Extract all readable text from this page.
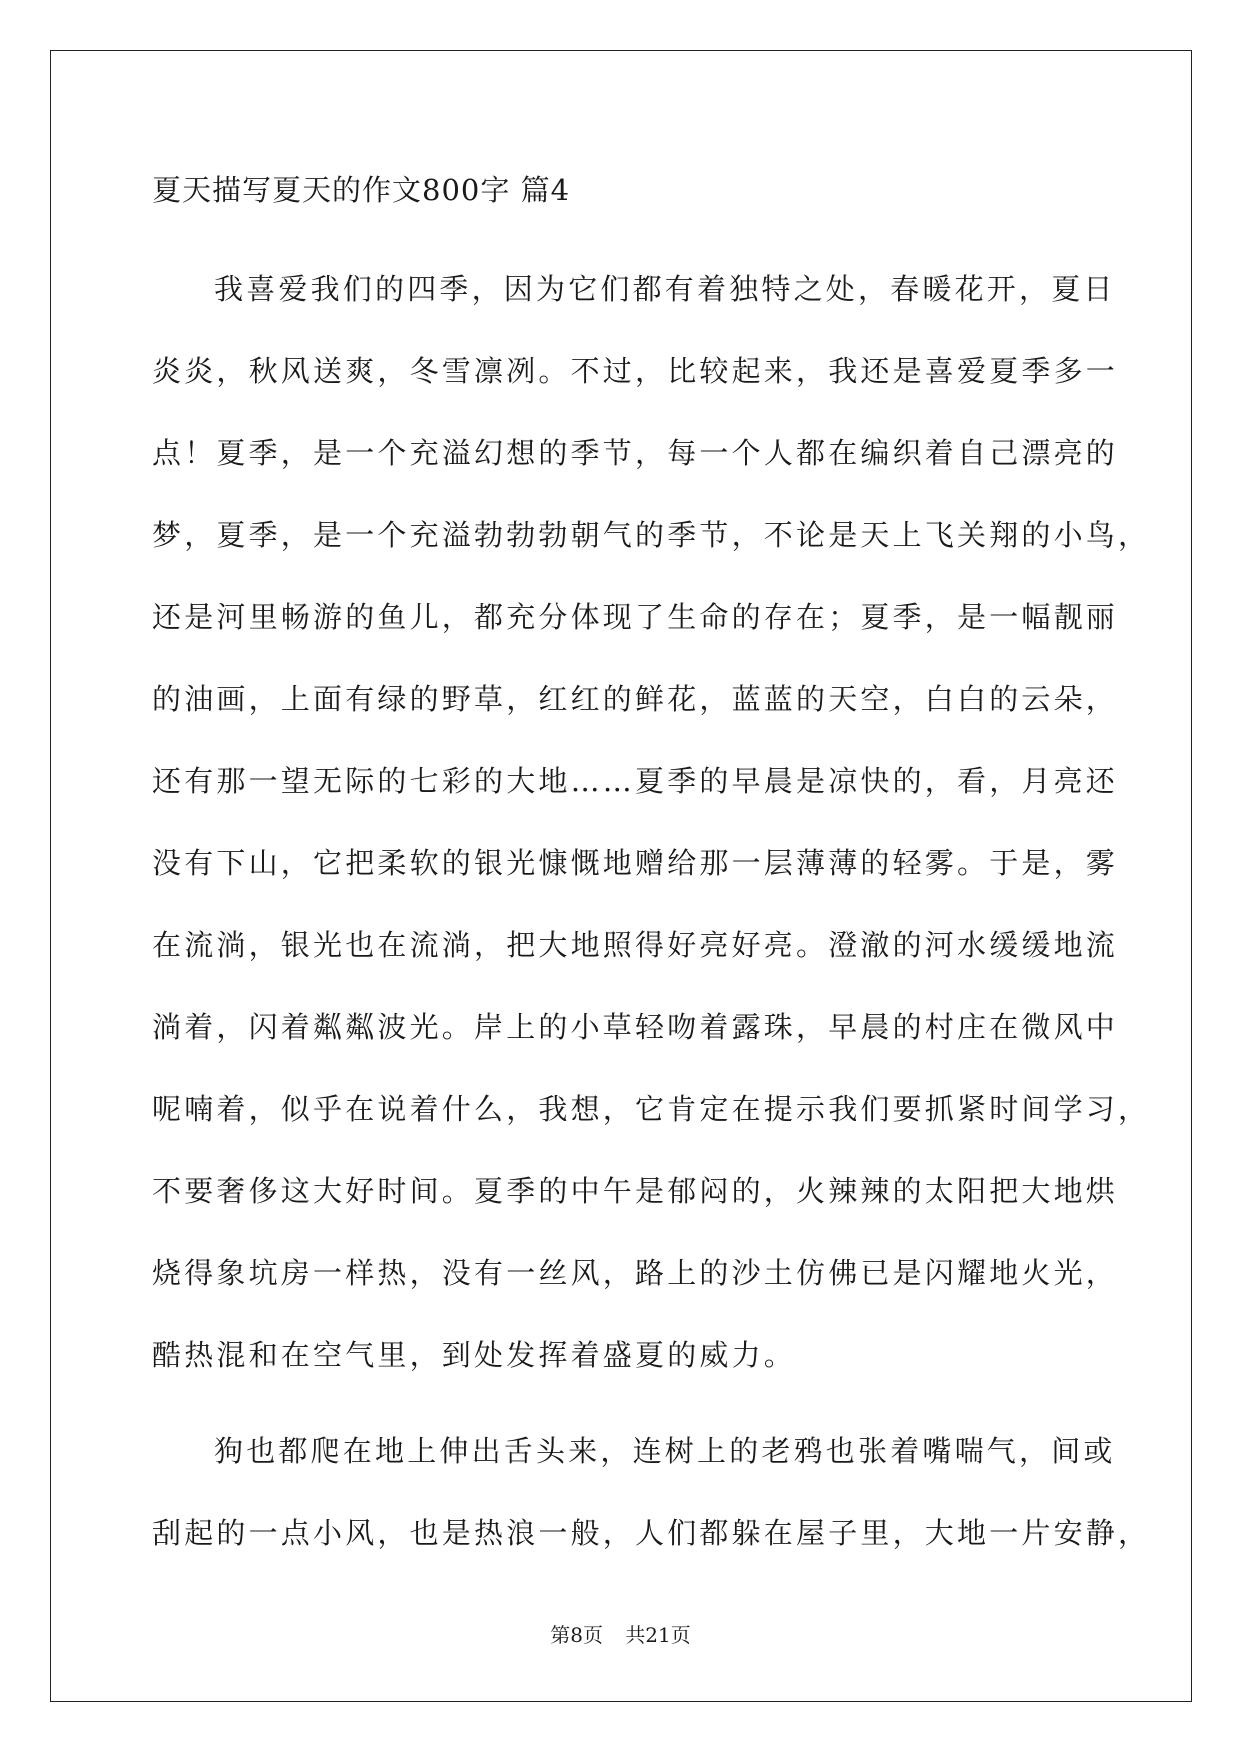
夏天描写夏天的作文800字 篇4
我喜爱我们的四季，因为它们都有着独特之处，春暖花开，夏日
炎炎，秋风送爽，冬雪凛冽。不过，比较起来，我还是喜爱夏季多一
点！夏季，是一个充溢幻想的季节，每一个人都在编织着自己漂亮的
梦，夏季，是一个充溢勃勃勃朝气的季节，不论是天上飞关翔的小鸟，
还是河里畅游的鱼儿，都充分体现了生命的存在；夏季，是一幅靓丽
的油画，上面有绿的野草，红红的鲜花，蓝蓝的天空，白白的云朵，
还有那一望无际的七彩的大地……夏季的早晨是凉快的，看，月亮还
没有下山，它把柔软的银光慷慨地赠给那一层薄薄的轻雾。于是，雾
在流淌，银光也在流淌，把大地照得好亮好亮。澄澈的河水缓缓地流
淌着，闪着粼粼波光。岸上的小草轻吻着露珠，早晨的村庄在微风中
呢喃着，似乎在说着什么，我想，它肯定在提示我们要抓紧时间学习，
不要奢侈这大好时间。夏季的中午是郁闷的，火辣辣的太阳把大地烘
烧得象坑房一样热，没有一丝风，路上的沙土仿佛已是闪耀地火光，
酷热混和在空气里，到处发挥着盛夏的威力。
狗也都爬在地上伸出舌头来，连树上的老鸦也张着嘴喘气，间或
刮起的一点小风，也是热浪一般，人们都躲在屋子里，大地一片安静，
第8页 共21页
